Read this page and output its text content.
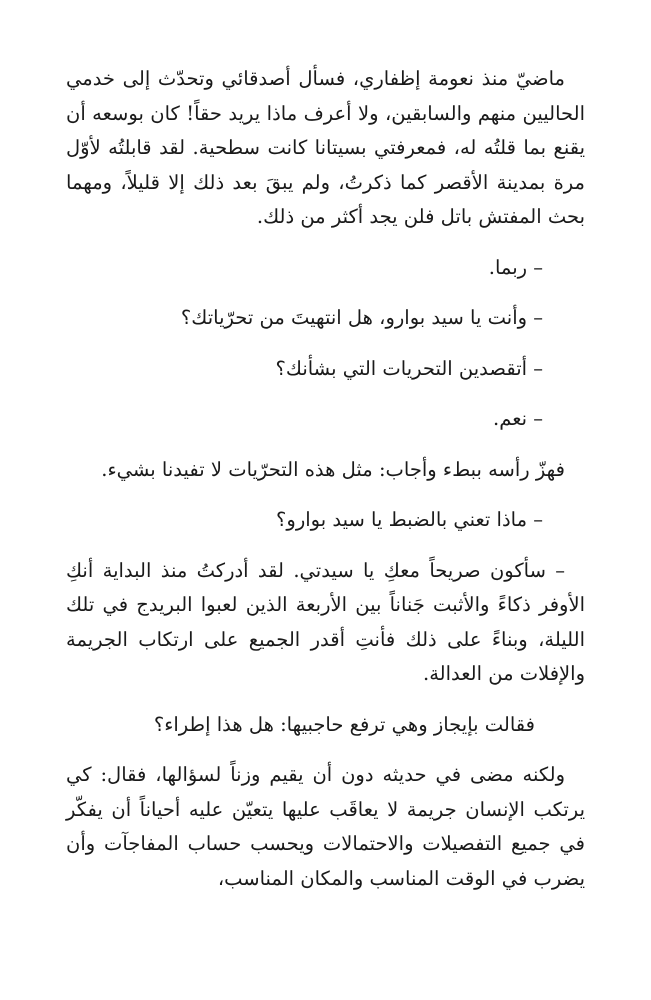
ماضيّ منذ نعومة إظفاري، فسأل أصدقائي وتحدّث إلى خدمي الحاليين منهم والسابقين، ولا أعرف ماذا يريد حقاً! كان بوسعه أن يقنع بما قلتُه له، فمعرفتي بسيتانا كانت سطحية. لقد قابلتُه لأوّل مرة بمدينة الأقصر كما ذكرتُ، ولم يبقَ بعد ذلك إلا قليلاً، ومهما بحث المفتش باتل فلن يجد أكثر من ذلك.

– ربما.

– وأنت يا سيد بوارو، هل انتهيتَ من تحرّياتك؟

– أتقصدين التحريات التي بشأنك؟

– نعم.

فهزّ رأسه ببطء وأجاب: مثل هذه التحرّيات لا تفيدنا بشيء.

– ماذا تعني بالضبط يا سيد بوارو؟

– سأكون صريحاً معكِ يا سيدتي. لقد أدركتُ منذ البداية أنكِ الأوفر ذكاءً والأثبت جَناناً بين الأربعة الذين لعبوا البريدج في تلك الليلة، وبناءً على ذلك فأنتِ أقدر الجميع على ارتكاب الجريمة والإفلات من العدالة.

فقالت بإيجاز وهي ترفع حاجبيها: هل هذا إطراء؟

ولكنه مضى في حديثه دون أن يقيم وزناً لسؤالها، فقال: كي يرتكب الإنسان جريمة لا يعاقَب عليها يتعيّن عليه أحياناً أن يفكّر في جميع التفصيلات والاحتمالات ويحسب حساب المفاجآت وأن يضرب في الوقت المناسب والمكان المناسب،
